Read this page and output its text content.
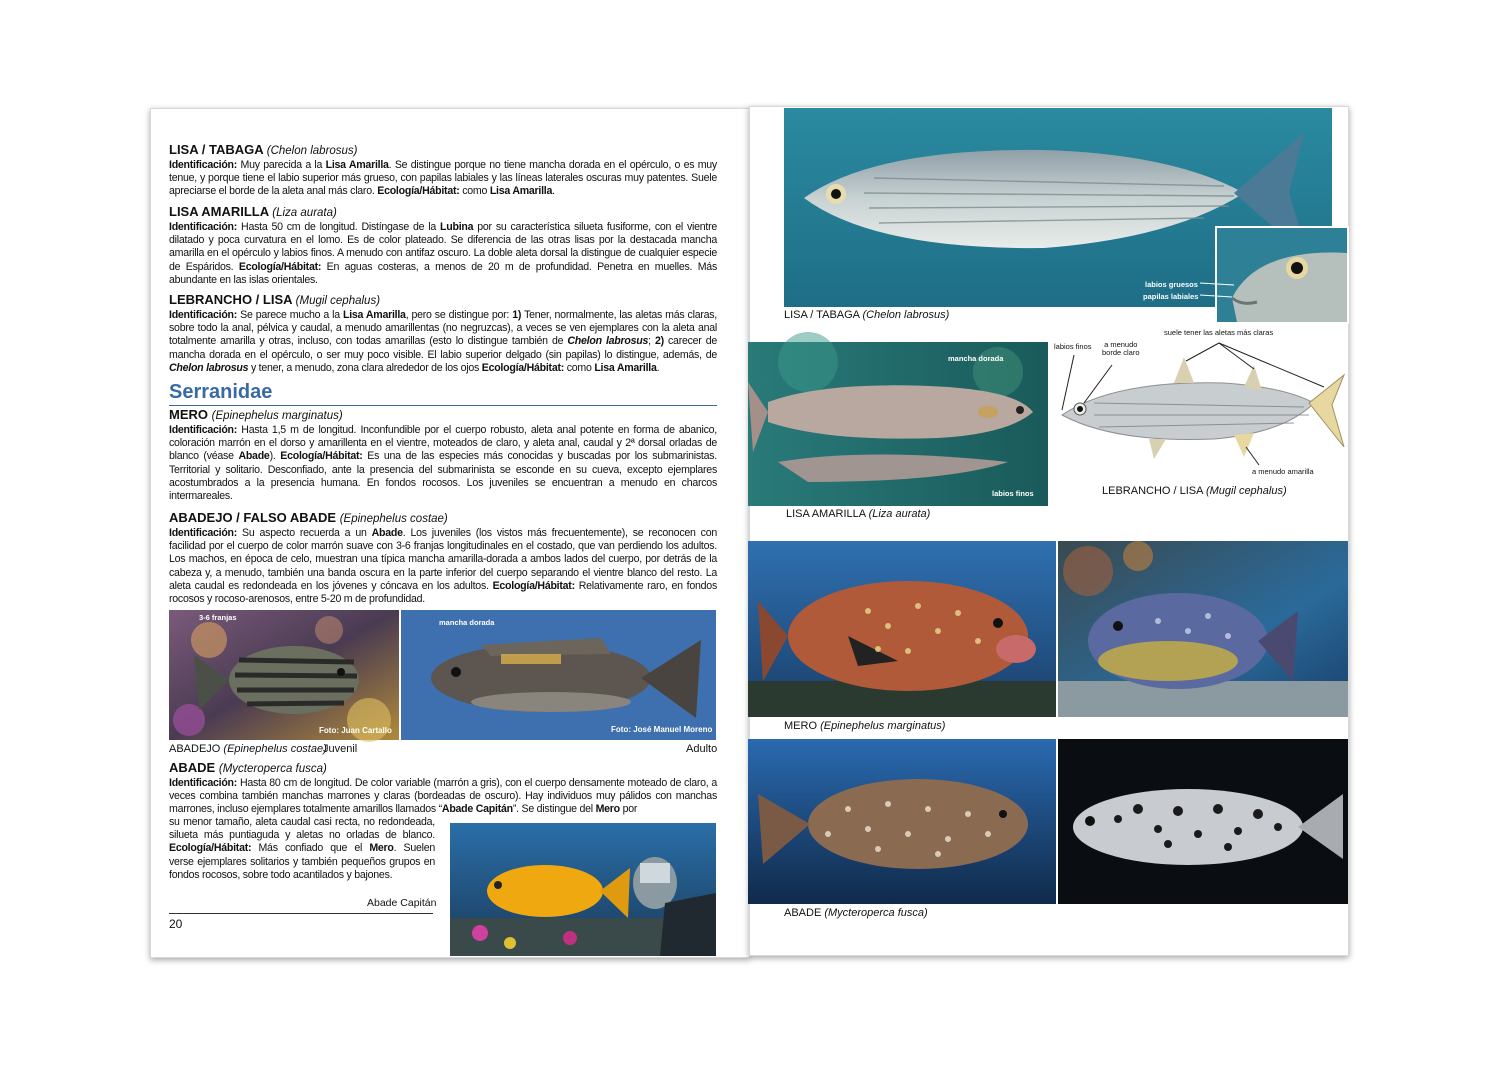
LISA / TABAGA (Chelon labrosus)
Identificación: Muy parecida a la Lisa Amarilla. Se distingue porque no tiene mancha dorada en el opérculo, o es muy tenue, y porque tiene el labio superior más grueso, con papilas labiales y las líneas laterales oscuras muy patentes. Suele apreciarse el borde de la aleta anal más claro. Ecología/Hábitat: como Lisa Amarilla.
LISA AMARILLA (Liza aurata)
Identificación: Hasta 50 cm de longitud. Distíngase de la Lubina por su característica silueta fusiforme, con el vientre dilatado y poca curvatura en el lomo. Es de color plateado. Se diferencia de las otras lisas por la destacada mancha amarilla en el opérculo y labios finos. A menudo con antifaz oscuro. La doble aleta dorsal la distingue de cualquier especie de Espáridos. Ecología/Hábitat: En aguas costeras, a menos de 20 m de profundidad. Penetra en muelles. Más abundante en las islas orientales.
LEBRANCHO / LISA (Mugil cephalus)
Identificación: Se parece mucho a la Lisa Amarilla, pero se distingue por: 1) Tener, normalmente, las aletas más claras, sobre todo la anal, pélvica y caudal, a menudo amarillentas (no negruzcas), a veces se ven ejemplares con la aleta anal totalmente amarilla y otras, incluso, con todas amarillas (esto lo distingue también de Chelon labrosus; 2) carecer de mancha dorada en el opérculo, o ser muy poco visible. El labio superior delgado (sin papilas) lo distingue, además, de Chelon labrosus y tener, a menudo, zona clara alrededor de los ojos Ecología/Hábitat: como Lisa Amarilla.
Serranidae
MERO (Epinephelus marginatus)
Identificación: Hasta 1,5 m de longitud. Inconfundible por el cuerpo robusto, aleta anal potente en forma de abanico, coloración marrón en el dorso y amarillenta en el vientre, moteados de claro, y aleta anal, caudal y 2ª dorsal orladas de blanco (véase Abade). Ecología/Hábitat: Es una de las especies más conocidas y buscadas por los submarinistas. Territorial y solitario. Desconfiado, ante la presencia del submarinista se esconde en su cueva, excepto ejemplares acostumbrados a la presencia humana. En fondos rocosos. Los juveniles se encuentran a menudo en charcos intermareales.
ABADEJO / FALSO ABADE (Epinephelus costae)
Identificación: Su aspecto recuerda a un Abade. Los juveniles (los vistos más frecuentemente), se reconocen con facilidad por el cuerpo de color marrón suave con 3-6 franjas longitudinales en el costado, que van perdiendo los adultos. Los machos, en época de celo, muestran una típica mancha amarilla-dorada a ambos lados del cuerpo, por detrás de la cabeza y, a menudo, también una banda oscura en la parte inferior del cuerpo separando el vientre blanco del resto. La aleta caudal es redondeada en los jóvenes y cóncava en los adultos. Ecología/Hábitat: Relativamente raro, en fondos rocosos y rocoso-arenosos, entre 5-20 m de profundidad.
3-6 franjas
Foto: Juan Cartallo
mancha dorada
Foto: José Manuel Moreno
ABADEJO (Epinephelus costae)
Juvenil	Adulto
ABADE (Mycteroperca fusca)
Identificación: Hasta 80 cm de longitud. De color variable (marrón a gris), con el cuerpo densamente moteado de claro, a veces combina también manchas marrones y claras (bordeadas de oscuro). Hay individuos muy pálidos con manchas marrones, incluso ejemplares totalmente amarillos llamados “Abade Capitán”. Se distingue del Mero por
su menor tamaño, aleta caudal casi recta, no redondeada, silueta más puntiaguda y aletas no orladas de blanco. Ecología/Hábitat: Más confiado que el Mero. Suelen verse ejemplares solitarios y también pequeños grupos en fondos rocosos, sobre todo acantilados y bajones.
Abade Capitán
20
labios gruesos
papilas labiales
LISA / TABAGA (Chelon labrosus)
mancha dorada
labios finos
LISA AMARILLA (Liza aurata)
labios finos a menudo
borde claro
suele tener las aletas más claras
a menudo amarilla
LEBRANCHO / LISA (Mugil cephalus)
MERO (Epinephelus marginatus)
ABADE (Mycteroperca fusca)
